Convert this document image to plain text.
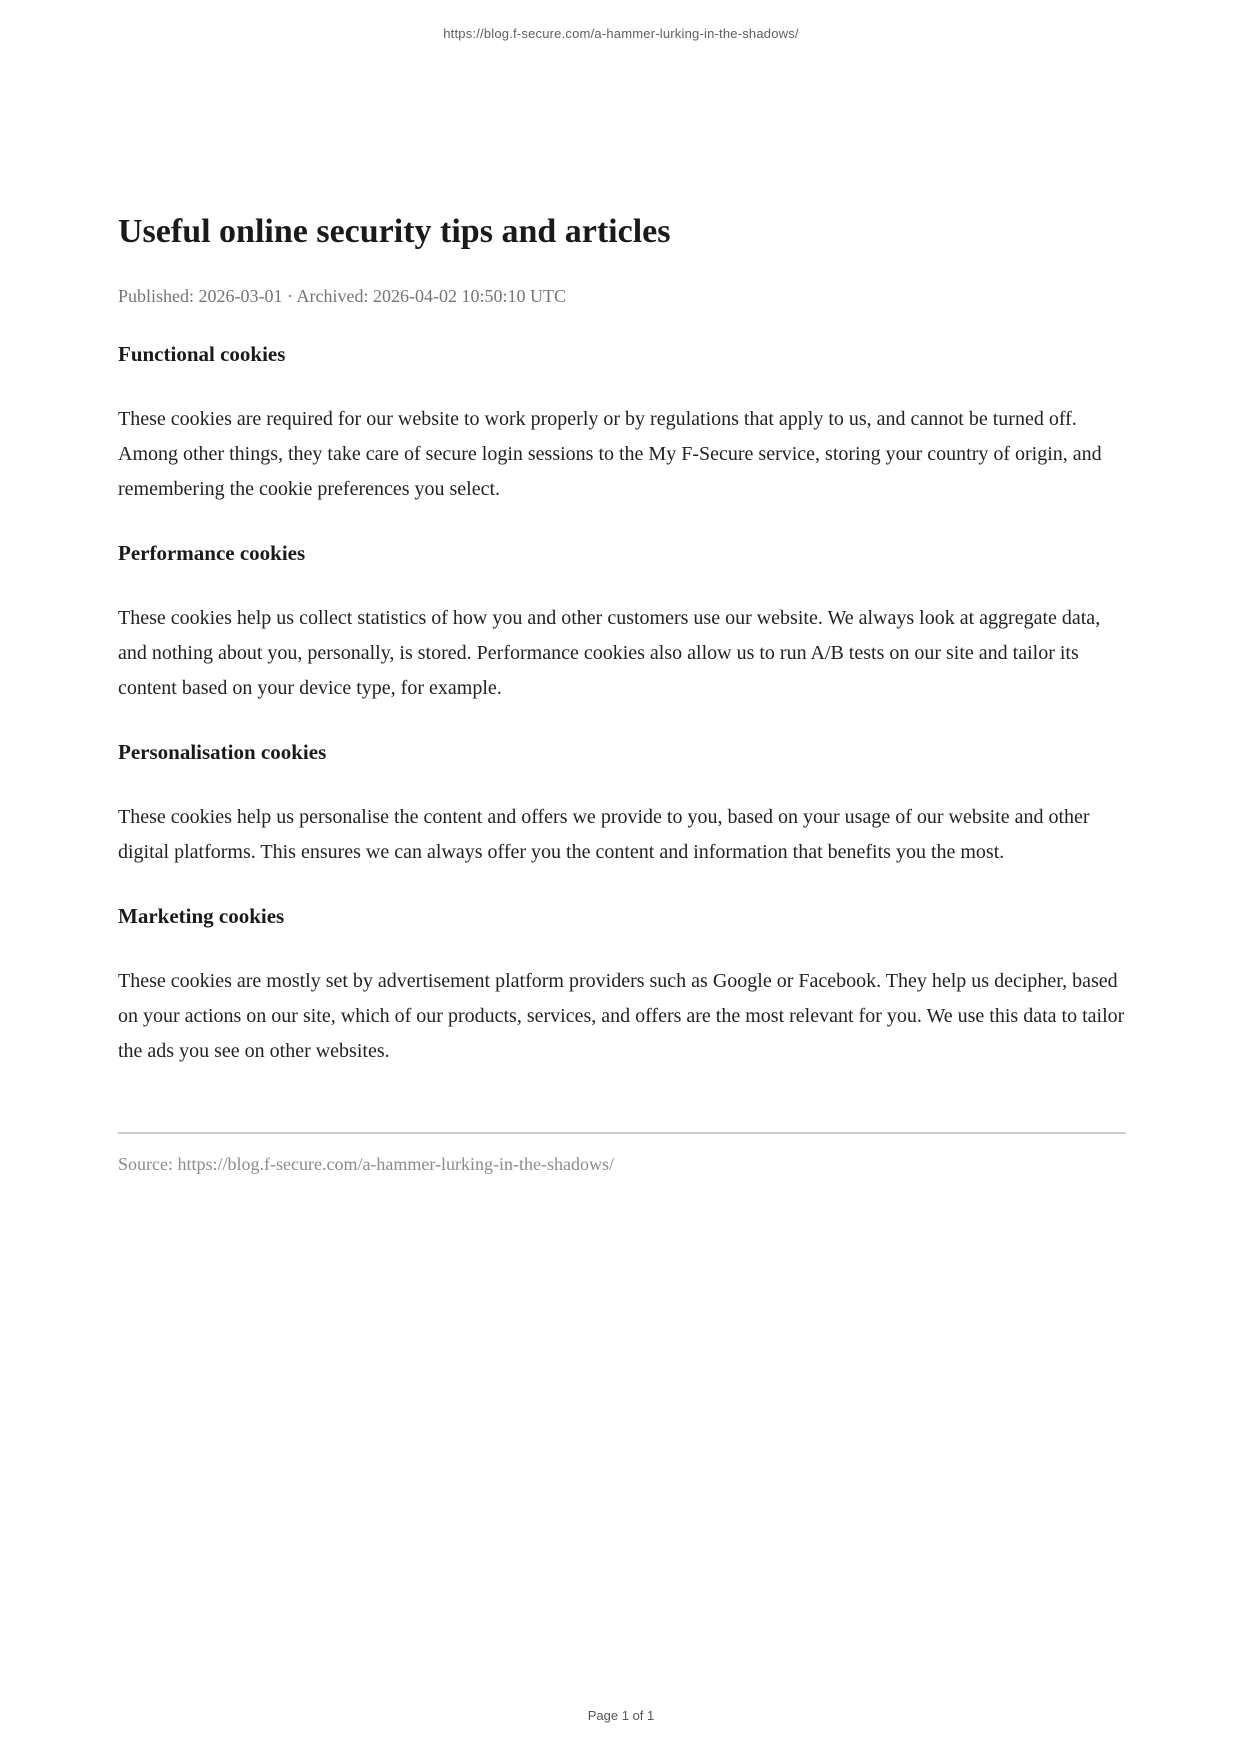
https://blog.f-secure.com/a-hammer-lurking-in-the-shadows/
Useful online security tips and articles

Published: 2026-03-01 · Archived: 2026-04-02 10:50:10 UTC

Functional cookies

These cookies are required for our website to work properly or by regulations that apply to us, and cannot be turned off. Among other things, they take care of secure login sessions to the My F-Secure service, storing your country of origin, and remembering the cookie preferences you select.

Performance cookies

These cookies help us collect statistics of how you and other customers use our website. We always look at aggregate data, and nothing about you, personally, is stored. Performance cookies also allow us to run A/B tests on our site and tailor its content based on your device type, for example.

Personalisation cookies

These cookies help us personalise the content and offers we provide to you, based on your usage of our website and other digital platforms. This ensures we can always offer you the content and information that benefits you the most.

Marketing cookies

These cookies are mostly set by advertisement platform providers such as Google or Facebook. They help us decipher, based on your actions on our site, which of our products, services, and offers are the most relevant for you. We use this data to tailor the ads you see on other websites.

Source: https://blog.f-secure.com/a-hammer-lurking-in-the-shadows/

Page 1 of 1
